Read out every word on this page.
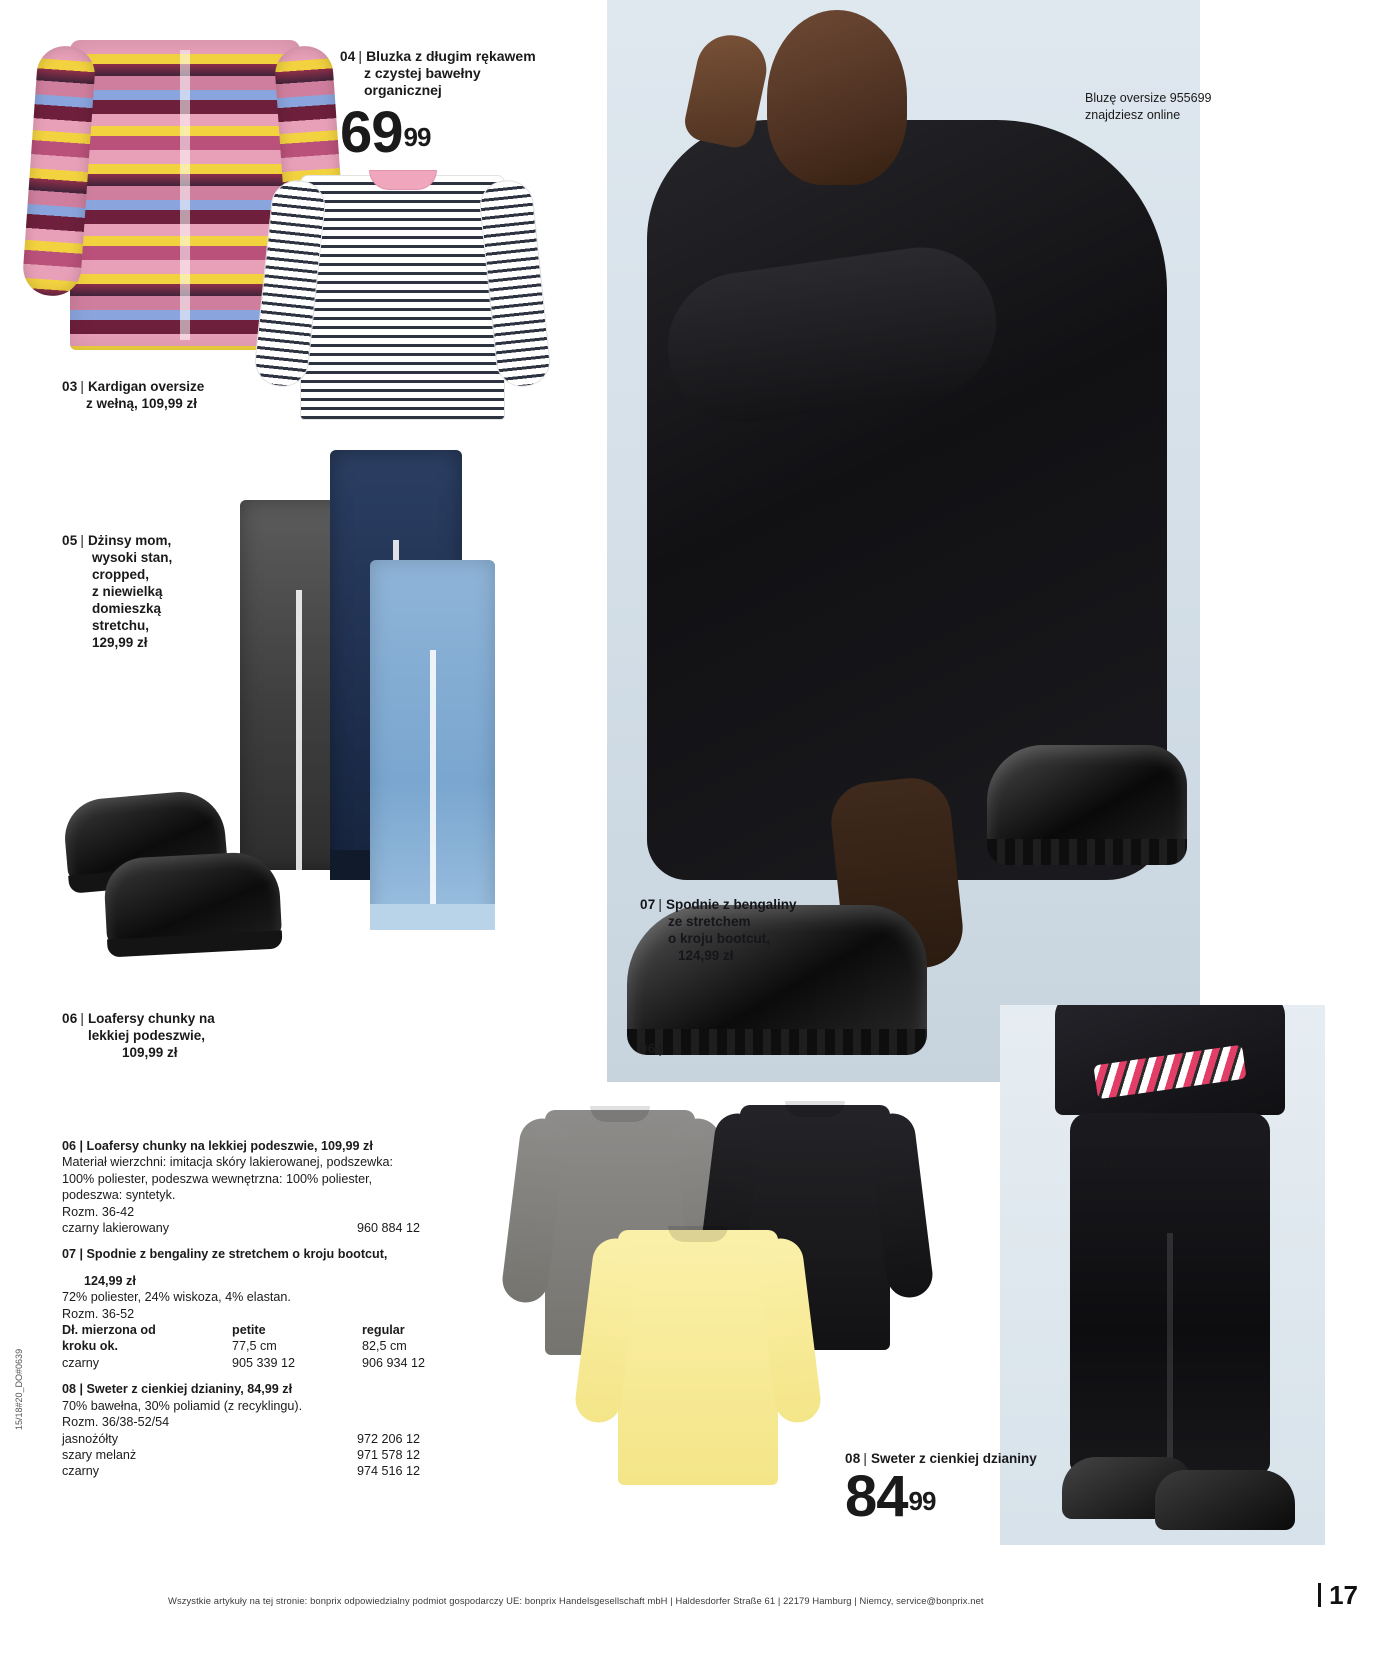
04 | Bluzka z długim rękawem
z czystej bawełny
organicznej
6999
03 | Kardigan oversize
z wełną, 109,99 zł
05 | Dżinsy mom,
wysoki stan,
cropped,
z niewielką
domieszką
stretchu,
129,99 zł
06 | Loafersy chunky na
lekkiej podeszwie,
109,99 zł
07 | Spodnie z bengaliny
ze stretchem
o kroju bootcut,
124,99 zł
06 |
07 |
Bluzę oversize 955699
znajdziesz online
08 | Sweter z cienkiej dzianiny
8499
06 | Loafersy chunky na lekkiej podeszwie, 109,99 zł
Materiał wierzchni: imitacja skóry lakierowanej, podszewka:
100% poliester, podeszwa wewnętrzna: 100% poliester,
podeszwa: syntetyk.
Rozm. 36-42
czarny lakierowany	960 884 12
07 | Spodnie z bengaliny ze stretchem o kroju bootcut,
124,99 zł
72% poliester, 24% wiskoza, 4% elastan.
Rozm. 36-52
Dł. mierzona od	petite	regular
kroku ok.	77,5 cm	82,5 cm
czarny	905 339 12	906 934 12
08 | Sweter z cienkiej dzianiny, 84,99 zł
70% bawełna, 30% poliamid (z recyklingu).
Rozm. 36/38-52/54
jasnożółty	972 206 12
szary melanż	971 578 12
czarny	974 516 12
Wszystkie artykuły na tej stronie: bonprix odpowiedzialny podmiot gospodarczy UE: bonprix Handelsgesellschaft mbH | Haldesdorfer Straße 61 | 22179 Hamburg | Niemcy, service@bonprix.net	17
15/18#20_DO#0639
